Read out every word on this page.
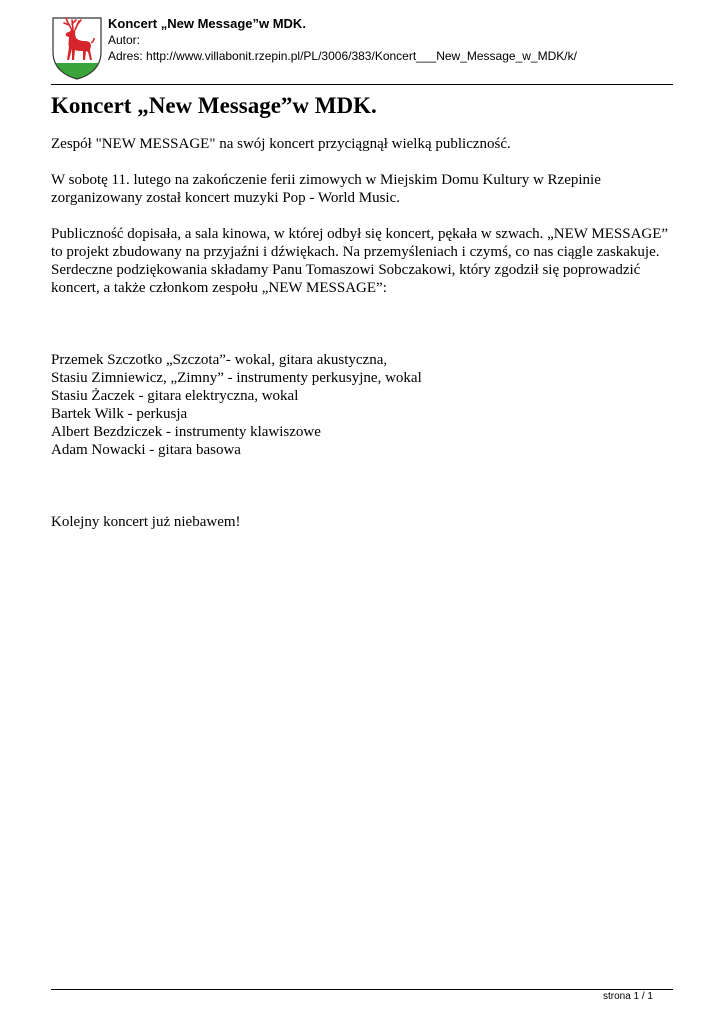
Koncert „New Message”w MDK.
Autor:
Adres: http://www.villabonit.rzepin.pl/PL/3006/383/Koncert___New_Message_w_MDK/k/
Koncert „New Message”w MDK.

Zespół "NEW MESSAGE" na swój koncert przyciągnął wielką publiczność.

W sobotę 11. lutego na zakończenie ferii zimowych w Miejskim Domu Kultury w Rzepinie zorganizowany został koncert muzyki Pop - World Music.

Publiczność dopisała, a sala kinowa, w której odbył się koncert, pękała w szwach. „NEW MESSAGE” to projekt zbudowany na przyjaźni i dźwiękach. Na przemyśleniach i czymś, co nas ciągle zaskakuje. Serdeczne podziękowania składamy Panu Tomaszowi Sobczakowi, który zgodził się poprowadzić koncert, a także członkom zespołu „NEW MESSAGE”:

Przemek Szczotko „Szczota”- wokal, gitara akustyczna,
Stasiu Zimniewicz, „Zimny” - instrumenty perkusyjne, wokal
Stasiu Żaczek - gitara elektryczna, wokal
Bartek Wilk - perkusja
Albert Bezdziczek - instrumenty klawiszowe
Adam Nowacki - gitara basowa

Kolejny koncert już niebawem!

strona 1 / 1
